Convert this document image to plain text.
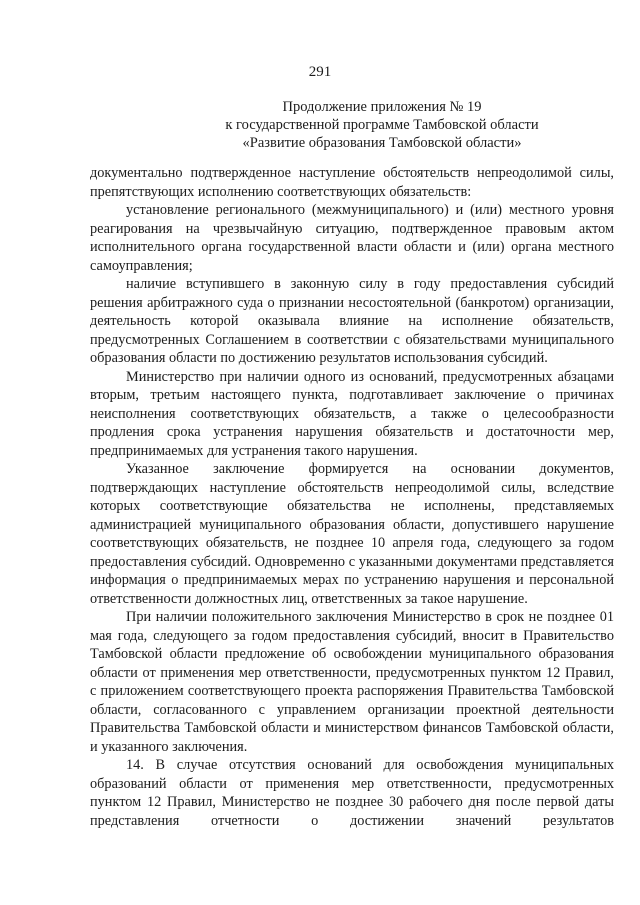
291
Продолжение приложения № 19
к государственной программе Тамбовской области
«Развитие образования Тамбовской области»

документально подтвержденное наступление обстоятельств непреодолимой силы, препятствующих исполнению соответствующих обязательств:

установление регионального (межмуниципального) и (или) местного уровня реагирования на чрезвычайную ситуацию, подтвержденное правовым актом исполнительного органа государственной власти области и (или) органа местного самоуправления;

наличие вступившего в законную силу в году предоставления субсидий решения арбитражного суда о признании несостоятельной (банкротом) организации, деятельность которой оказывала влияние на исполнение обязательств, предусмотренных Соглашением в соответствии с обязательствами муниципального образования области по достижению результатов использования субсидий.

Министерство при наличии одного из оснований, предусмотренных абзацами вторым, третьим настоящего пункта, подготавливает заключение о причинах неисполнения соответствующих обязательств, а также о целесообразности продления срока устранения нарушения обязательств и достаточности мер, предпринимаемых для устранения такого нарушения.

Указанное заключение формируется на основании документов, подтверждающих наступление обстоятельств непреодолимой силы, вследствие которых соответствующие обязательства не исполнены, представляемых администрацией муниципального образования области, допустившего нарушение соответствующих обязательств, не позднее 10 апреля года, следующего за годом предоставления субсидий. Одновременно с указанными документами представляется информация о предпринимаемых мерах по устранению нарушения и персональной ответственности должностных лиц, ответственных за такое нарушение.

При наличии положительного заключения Министерство в срок не позднее 01 мая года, следующего за годом предоставления субсидий, вносит в Правительство Тамбовской области предложение об освобождении муниципального образования области от применения мер ответственности, предусмотренных пунктом 12 Правил, с приложением соответствующего проекта распоряжения Правительства Тамбовской области, согласованного с управлением организации проектной деятельности Правительства Тамбовской области и министерством финансов Тамбовской области, и указанного заключения.

14. В случае отсутствия оснований для освобождения муниципальных образований области от применения мер ответственности, предусмотренных пунктом 12 Правил, Министерство не позднее 30 рабочего дня после первой даты представления отчетности о достижении значений результатов
